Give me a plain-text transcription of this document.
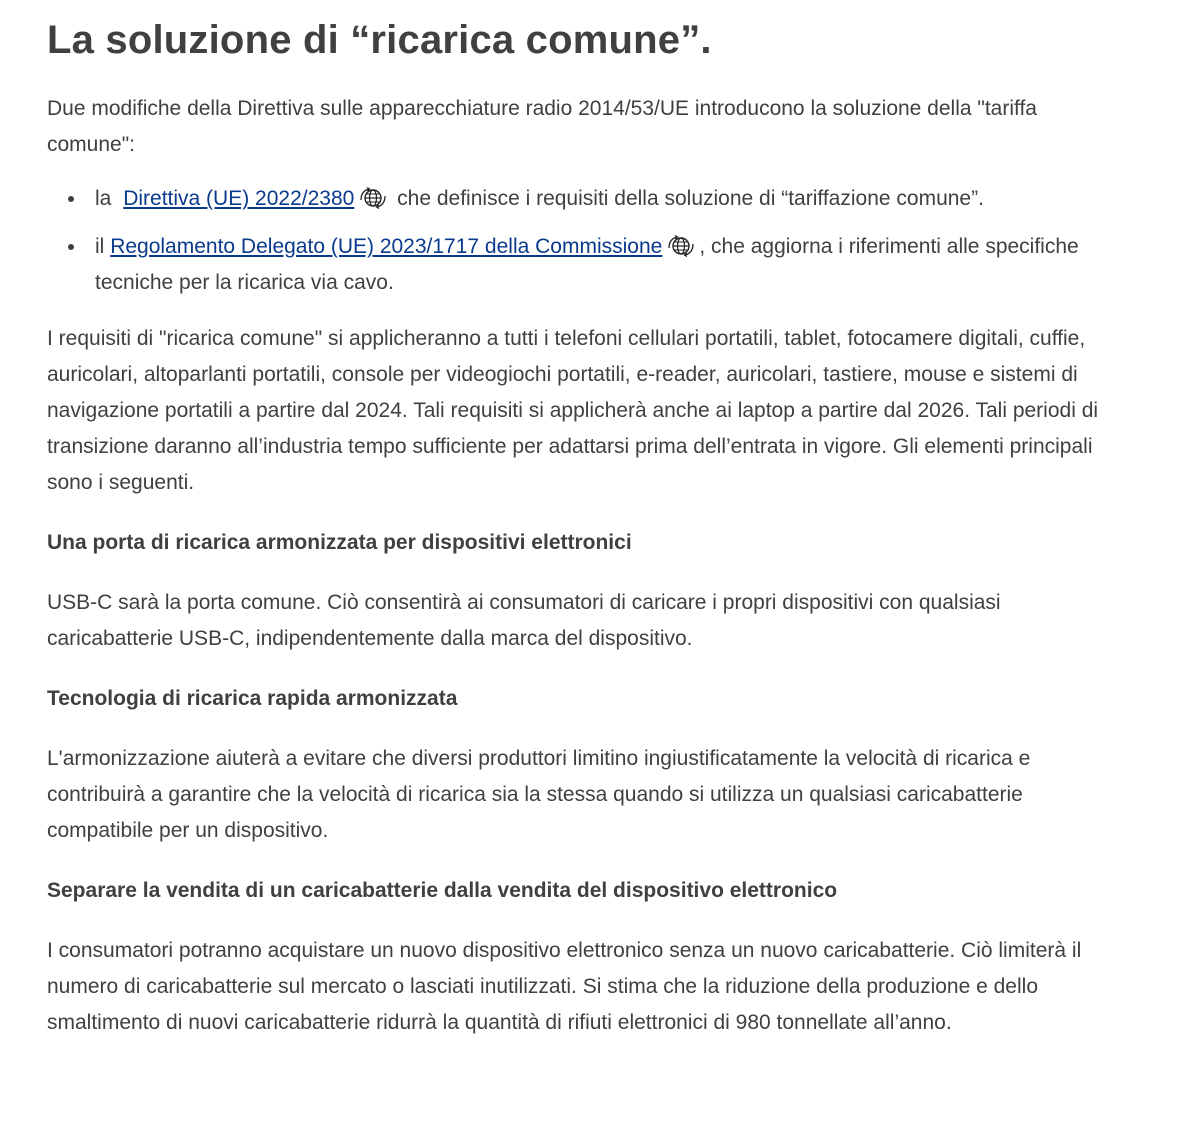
La soluzione di “ricarica comune”.

Due modifiche della Direttiva sulle apparecchiature radio 2014/53/UE introducono la soluzione della "tariffa comune":

la Direttiva (UE) 2022/2380 che definisce i requisiti della soluzione di “tariffazione comune”.
il Regolamento Delegato (UE) 2023/1717 della Commissione , che aggiorna i riferimenti alle specifiche tecniche per la ricarica via cavo.

I requisiti di "ricarica comune" si applicheranno a tutti i telefoni cellulari portatili, tablet, fotocamere digitali, cuffie, auricolari, altoparlanti portatili, console per videogiochi portatili, e-reader, auricolari, tastiere, mouse e sistemi di navigazione portatili a partire dal 2024. Tali requisiti si applicherà anche ai laptop a partire dal 2026. Tali periodi di transizione daranno all’industria tempo sufficiente per adattarsi prima dell’entrata in vigore. Gli elementi principali sono i seguenti.

Una porta di ricarica armonizzata per dispositivi elettronici

USB-C sarà la porta comune. Ciò consentirà ai consumatori di caricare i propri dispositivi con qualsiasi caricabatterie USB-C, indipendentemente dalla marca del dispositivo.

Tecnologia di ricarica rapida armonizzata

L'armonizzazione aiuterà a evitare che diversi produttori limitino ingiustificatamente la velocità di ricarica e contribuirà a garantire che la velocità di ricarica sia la stessa quando si utilizza un qualsiasi caricabatterie compatibile per un dispositivo.

Separare la vendita di un caricabatterie dalla vendita del dispositivo elettronico

I consumatori potranno acquistare un nuovo dispositivo elettronico senza un nuovo caricabatterie. Ciò limiterà il numero di caricabatterie sul mercato o lasciati inutilizzati. Si stima che la riduzione della produzione e dello smaltimento di nuovi caricabatterie ridurrà la quantità di rifiuti elettronici di 980 tonnellate all’anno.
